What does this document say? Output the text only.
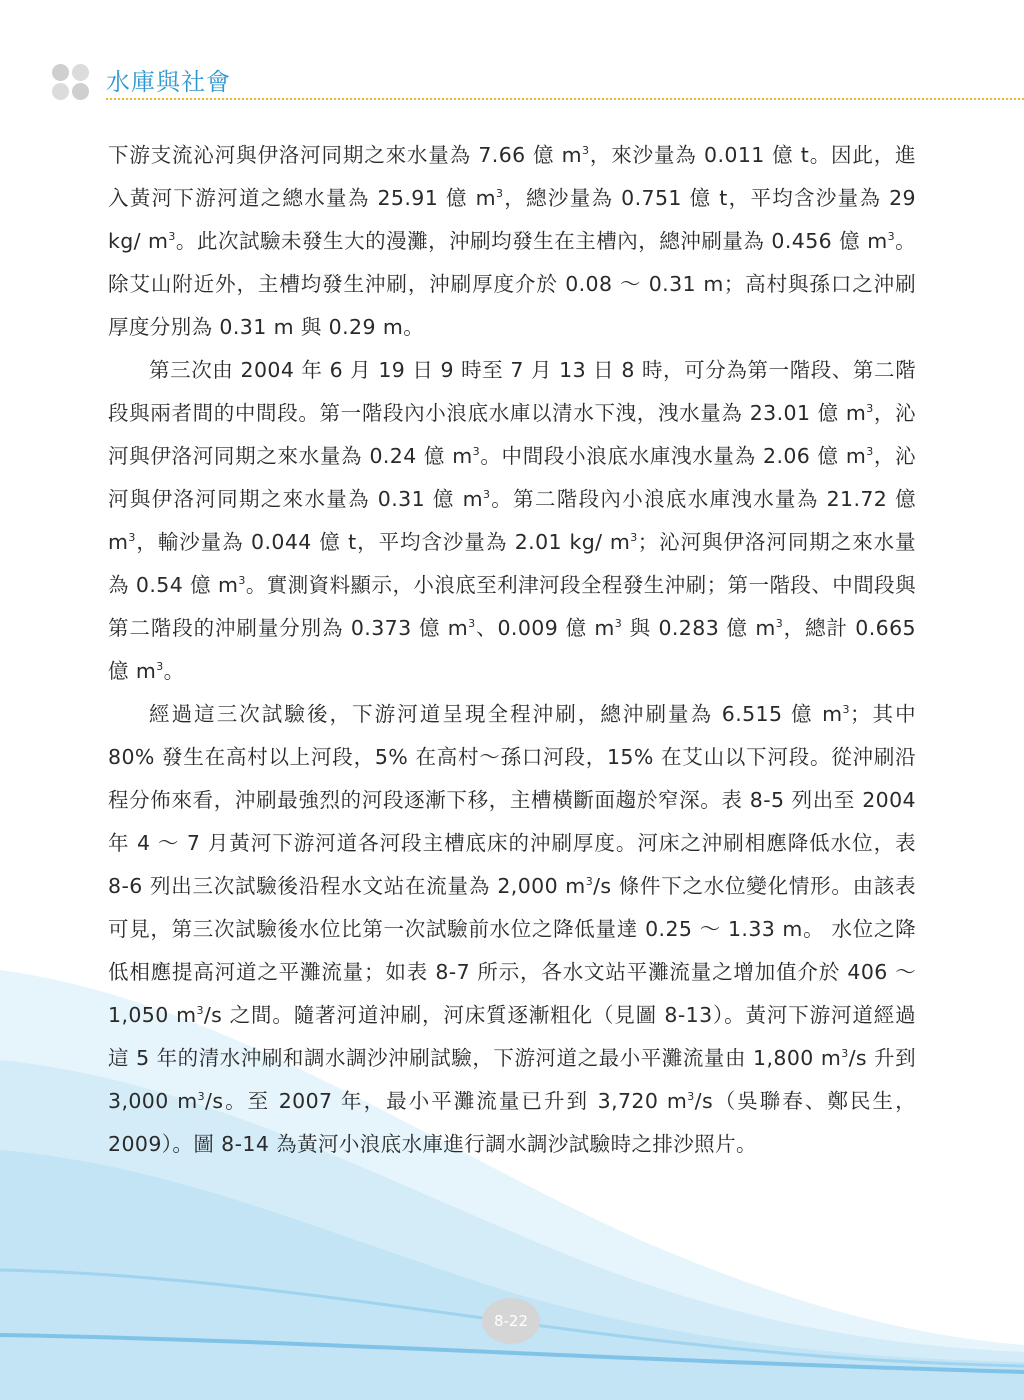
水庫與社會

下游支流沁河與伊洛河同期之來水量為 7.66 億 $m^3$，來沙量為 0.011 億 t。因此，進入黃河下游河道之總水量為 25.91 億 $m^3$，總沙量為 0.751 億 t，平均含沙量為 29 kg/ $m^3$。此次試驗未發生大的漫灘，沖刷均發生在主槽內，總沖刷量為 0.456 億 $m^3$。除艾山附近外，主槽均發生沖刷，沖刷厚度介於 0.08 ～ 0.31 m；高村與孫口之沖刷厚度分別為 0.31 m 與 0.29 m。

第三次由 2004 年 6 月 19 日 9 時至 7 月 13 日 8 時，可分為第一階段、第二階段與兩者間的中間段。第一階段內小浪底水庫以清水下洩，洩水量為 23.01 億 $m^3$，沁河與伊洛河同期之來水量為 0.24 億 $m^3$。中間段小浪底水庫洩水量為 2.06 億 $m^3$，沁河與伊洛河同期之來水量為 0.31 億 $m^3$。第二階段內小浪底水庫洩水量為 21.72 億 $m^3$，輸沙量為 0.044 億 t，平均含沙量為 2.01 kg/ $m^3$；沁河與伊洛河同期之來水量為 0.54 億 $m^3$。實測資料顯示，小浪底至利津河段全程發生沖刷；第一階段、中間段與第二階段的沖刷量分別為 0.373 億 $m^3$、0.009 億 $m^3$ 與 0.283 億 $m^3$，總計 0.665 億 $m^3$。

經過這三次試驗後，下游河道呈現全程沖刷，總沖刷量為 6.515 億 $m^3$；其中 80% 發生在高村以上河段，5% 在高村～孫口河段，15% 在艾山以下河段。從沖刷沿程分佈來看，沖刷最強烈的河段逐漸下移，主槽橫斷面趨於窄深。表 8-5 列出至 2004 年 4 ～ 7 月黃河下游河道各河段主槽底床的沖刷厚度。河床之沖刷相應降低水位，表 8-6 列出三次試驗後沿程水文站在流量為 2,000 $m^3/s$ 條件下之水位變化情形。由該表可見，第三次試驗後水位比第一次試驗前水位之降低量達 0.25 ～ 1.33 m。 水位之降低相應提高河道之平灘流量；如表 8-7 所示，各水文站平灘流量之增加值介於 406 ～ 1,050 $m^3/s$ 之間。隨著河道沖刷，河床質逐漸粗化（見圖 8-13）。黃河下游河道經過這 5 年的清水沖刷和調水調沙沖刷試驗，下游河道之最小平灘流量由 1,800 $m^3/s$ 升到 3,000 $m^3/s$。至 2007 年，最小平灘流量已升到 3,720 $m^3/s$（吳聯春、鄭民生，2009）。圖 8-14 為黃河小浪底水庫進行調水調沙試驗時之排沙照片。

8-22
